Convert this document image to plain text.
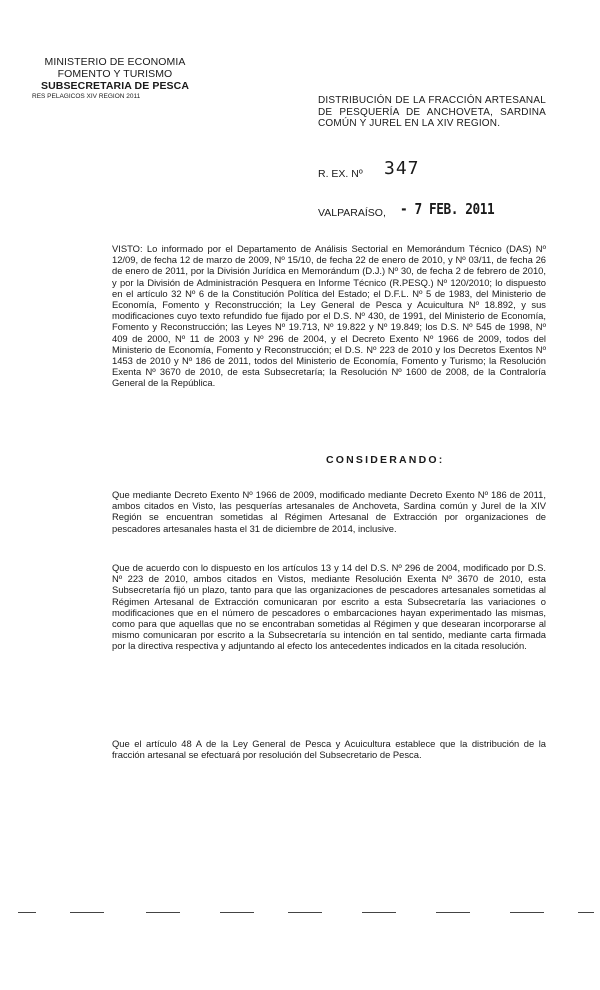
MINISTERIO DE ECONOMIA
FOMENTO Y TURISMO
SUBSECRETARIA DE PESCA
RES PELAGICOS XIV REGION 2011	DISTRIBUCIÓN DE LA FRACCIÓN ARTESANAL DE PESQUERÍA DE ANCHOVETA, SARDINA COMÚN Y JUREL EN LA XIV REGION.
R. EX. Nº 347
VALPARAÍSO, - 7 FEB. 2011
VISTO: Lo informado por el Departamento de Análisis Sectorial en Memorándum Técnico (DAS) Nº 12/09, de fecha 12 de marzo de 2009, Nº 15/10, de fecha 22 de enero de 2010, y Nº 03/11, de fecha 26 de enero de 2011, por la División Jurídica en Memorándum (D.J.) Nº 30, de fecha 2 de febrero de 2010, y por la División de Administración Pesquera en Informe Técnico (R.PESQ.) Nº 120/2010; lo dispuesto en el artículo 32 Nº 6 de la Constitución Política del Estado; el D.F.L. Nº 5 de 1983, del Ministerio de Economía, Fomento y Reconstrucción; la Ley General de Pesca y Acuicultura Nº 18.892, y sus modificaciones cuyo texto refundido fue fijado por el D.S. Nº 430, de 1991, del Ministerio de Economía, Fomento y Reconstrucción; las Leyes Nº 19.713, Nº 19.822 y Nº 19.849; los D.S. Nº 545 de 1998, Nº 409 de 2000, Nº 11 de 2003 y Nº 296 de 2004, y el Decreto Exento Nº 1966 de 2009, todos del Ministerio de Economía, Fomento y Reconstrucción; el D.S. Nº 223 de 2010 y los Decretos Exentos Nº 1453 de 2010 y Nº 186 de 2011, todos del Ministerio de Economía, Fomento y Turismo; la Resolución Exenta Nº 3670 de 2010, de esta Subsecretaría; la Resolución Nº 1600 de 2008, de la Contraloría General de la República.
CONSIDERANDO:
Que mediante Decreto Exento Nº 1966 de 2009, modificado mediante Decreto Exento Nº 186 de 2011, ambos citados en Visto, las pesquerías artesanales de Anchoveta, Sardina común y Jurel de la XIV Región se encuentran sometidas al Régimen Artesanal de Extracción por organizaciones de pescadores artesanales hasta el 31 de diciembre de 2014, inclusive.
Que de acuerdo con lo dispuesto en los artículos 13 y 14 del D.S. Nº 296 de 2004, modificado por D.S. Nº 223 de 2010, ambos citados en Vistos, mediante Resolución Exenta Nº 3670 de 2010, esta Subsecretaría fijó un plazo, tanto para que las organizaciones de pescadores artesanales sometidas al Régimen Artesanal de Extracción comunicaran por escrito a esta Subsecretaría las variaciones o modificaciones que en el número de pescadores o embarcaciones hayan experimentado las mismas, como para que aquellas que no se encontraban sometidas al Régimen y que desearan incorporarse al mismo comunicaran por escrito a la Subsecretaría su intención en tal sentido, mediante carta firmada por la directiva respectiva y adjuntando al efecto los antecedentes indicados en la citada resolución.
Que el artículo 48 A de la Ley General de Pesca y Acuicultura establece que la distribución de la fracción artesanal se efectuará por resolución del Subsecretario de Pesca.
